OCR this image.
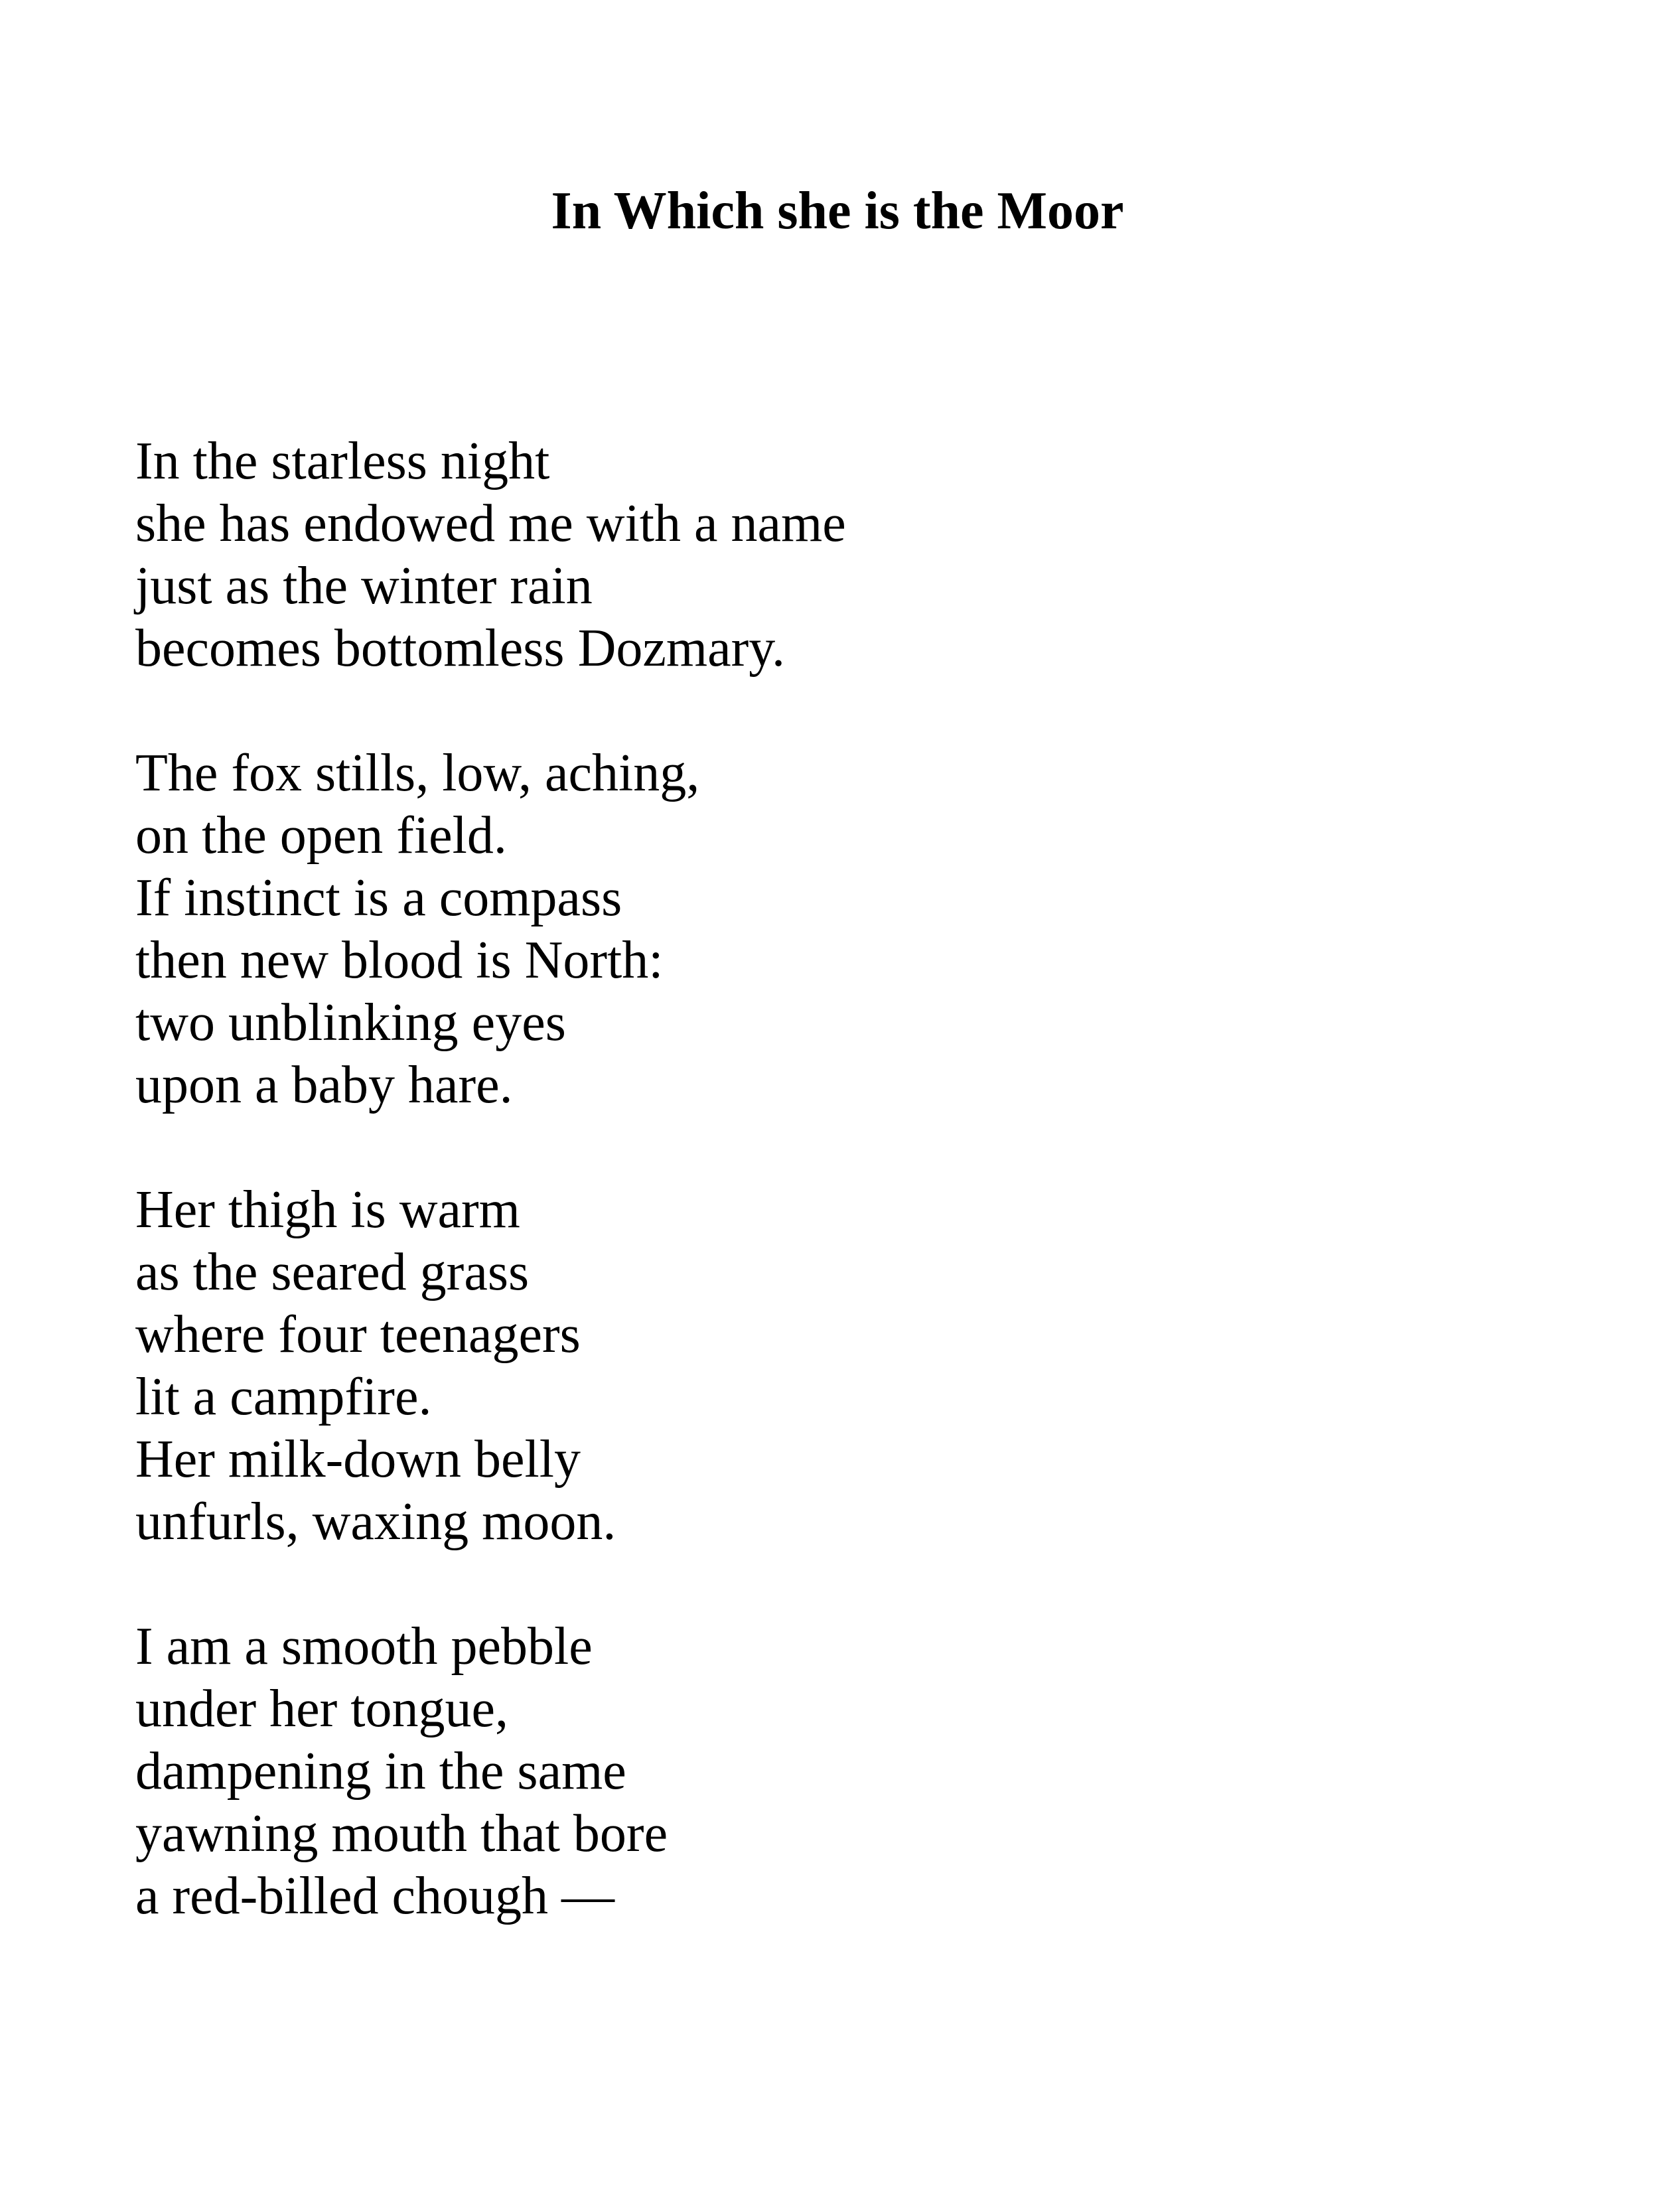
In Which she is the Moor
In the starless night
she has endowed me with a name
just as the winter rain
becomes bottomless Dozmary.
The fox stills, low, aching,
on the open field.
If instinct is a compass
then new blood is North:
two unblinking eyes
upon a baby hare.
Her thigh is warm
as the seared grass
where four teenagers
lit a campfire.
Her milk-down belly
unfurls, waxing moon.
I am a smooth pebble
under her tongue,
dampening in the same
yawning mouth that bore
a red-billed chough —
